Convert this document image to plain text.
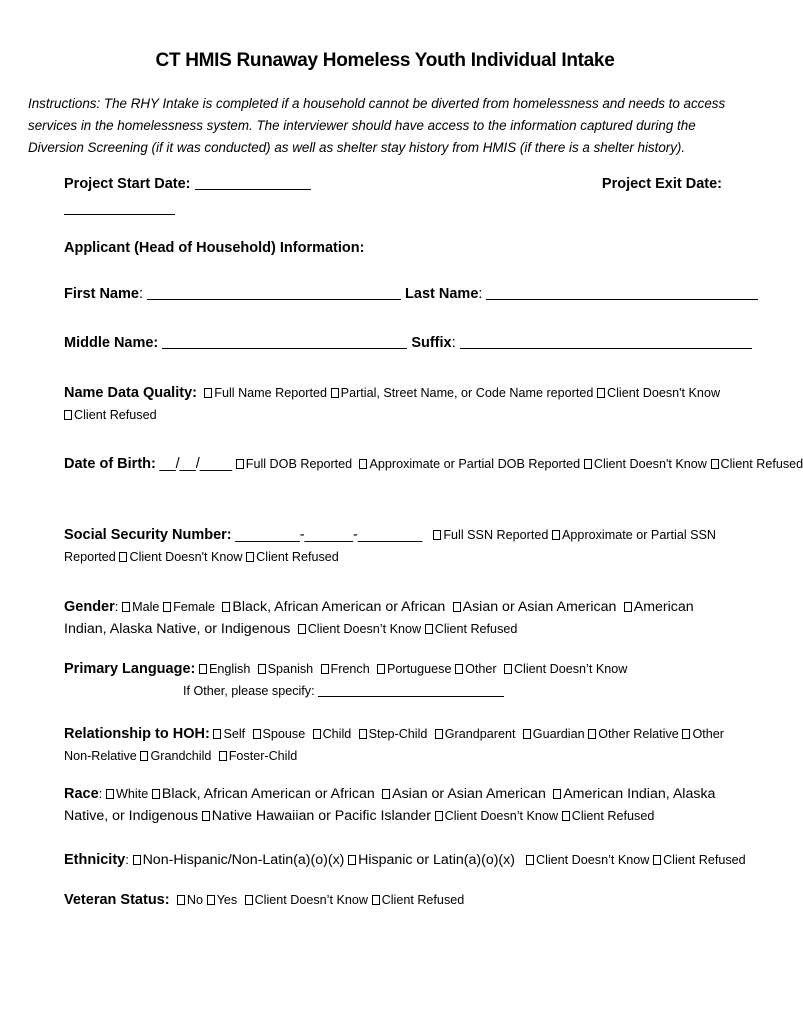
CT HMIS Runaway Homeless Youth Individual Intake
Instructions: The RHY Intake is completed if a household cannot be diverted from homelessness and needs to access services in the homelessness system. The interviewer should have access to the information captured during the Diversion Screening (if it was conducted) as well as shelter stay history from HMIS (if there is a shelter history).
Project Start Date:	Project Exit Date:
Applicant (Head of Household) Information:
First Name:	Last Name:
Middle Name:	Suffix:
Name Data Quality: Full Name Reported Partial, Street Name, or Code Name reported Client Doesn't Know Client Refused
Date of Birth: __/__/____ Full DOB Reported Approximate or Partial DOB Reported Client Doesn't Know Client Refused
Social Security Number: ________-______-________ Full SSN Reported Approximate or Partial SSN Reported Client Doesn't Know Client Refused
Gender: Male Female Black, African American or African Asian or Asian American American Indian, Alaska Native, or Indigenous Client Doesn’t Know Client Refused
Primary Language: English Spanish French Portuguese Other Client Doesn’t Know
If Other, please specify:
Relationship to HOH: Self Spouse Child Step-Child Grandparent Guardian Other Relative Other Non-Relative Grandchild Foster-Child
Race: White Black, African American or African Asian or Asian American American Indian, Alaska Native, or Indigenous Native Hawaiian or Pacific Islander Client Doesn’t Know Client Refused
Ethnicity: Non-Hispanic/Non-Latin(a)(o)(x) Hispanic or Latin(a)(o)(x) Client Doesn’t Know Client Refused
Veteran Status: No Yes Client Doesn’t Know Client Refused
